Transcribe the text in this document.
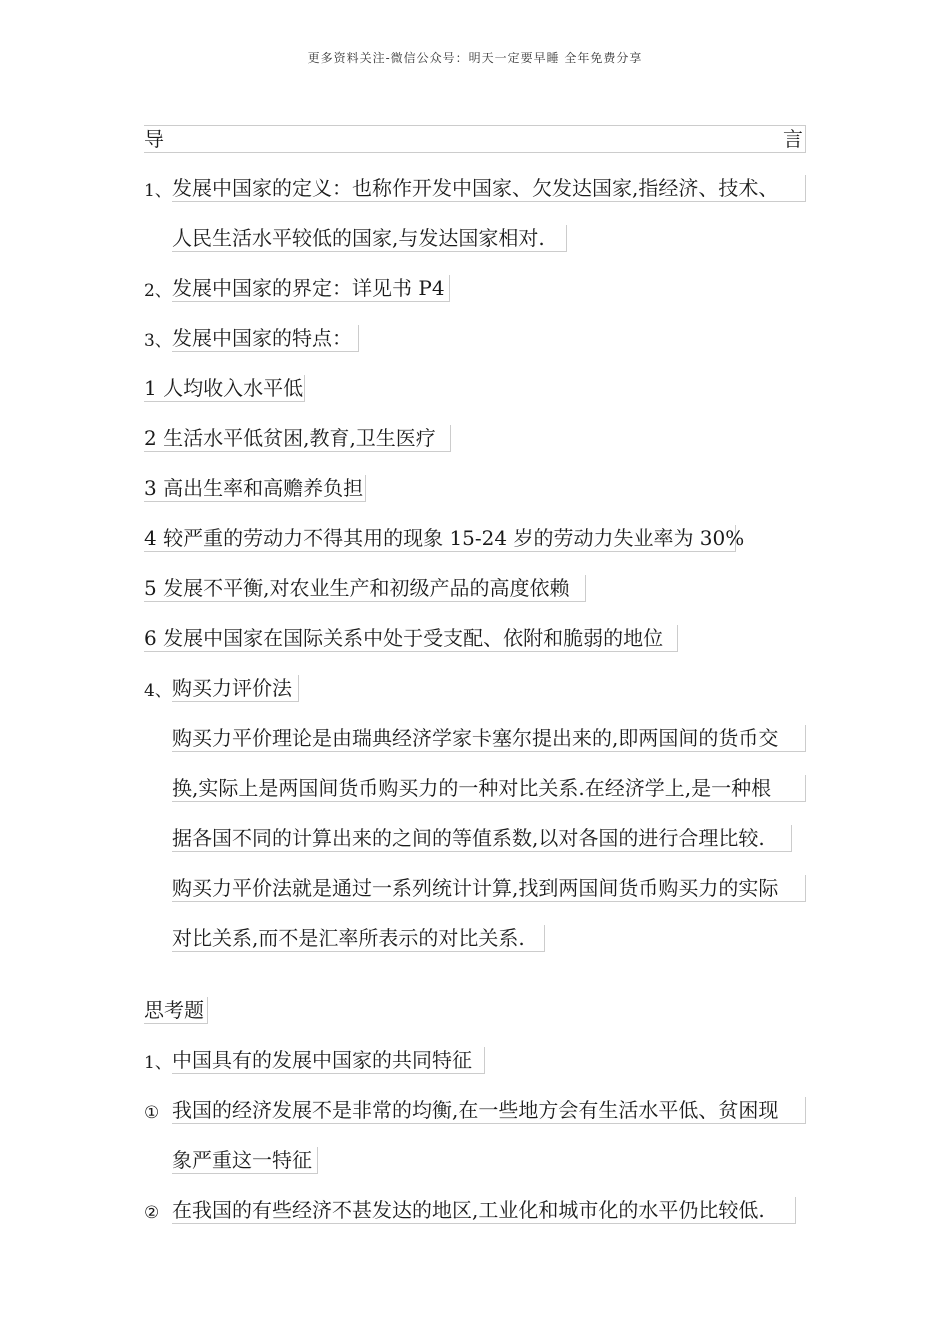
更多资料关注-微信公众号：明天一定要早睡 全年免费分享
导	言
1、 发展中国家的定义：也称作开发中国家、欠发达国家,指经济、技术、
人民生活水平较低的国家,与发达国家相对.
2、 发展中国家的界定：详见书 P4
3、 发展中国家的特点：
1 人均收入水平低
2 生活水平低贫困,教育,卫生医疗
3 高出生率和高赡养负担
4 较严重的劳动力不得其用的现象 15-24 岁的劳动力失业率为 30%
5 发展不平衡,对农业生产和初级产品的高度依赖
6 发展中国家在国际关系中处于受支配、依附和脆弱的地位
4、 购买力评价法
购买力平价理论是由瑞典经济学家卡塞尔提出来的,即两国间的货币交
换,实际上是两国间货币购买力的一种对比关系.在经济学上,是一种根
据各国不同的计算出来的之间的等值系数,以对各国的进行合理比较.
购买力平价法就是通过一系列统计计算,找到两国间货币购买力的实际
对比关系,而不是汇率所表示的对比关系.
思考题
1、 中国具有的发展中国家的共同特征
① 我国的经济发展不是非常的均衡,在一些地方会有生活水平低、贫困现
象严重这一特征
② 在我国的有些经济不甚发达的地区,工业化和城市化的水平仍比较低.
